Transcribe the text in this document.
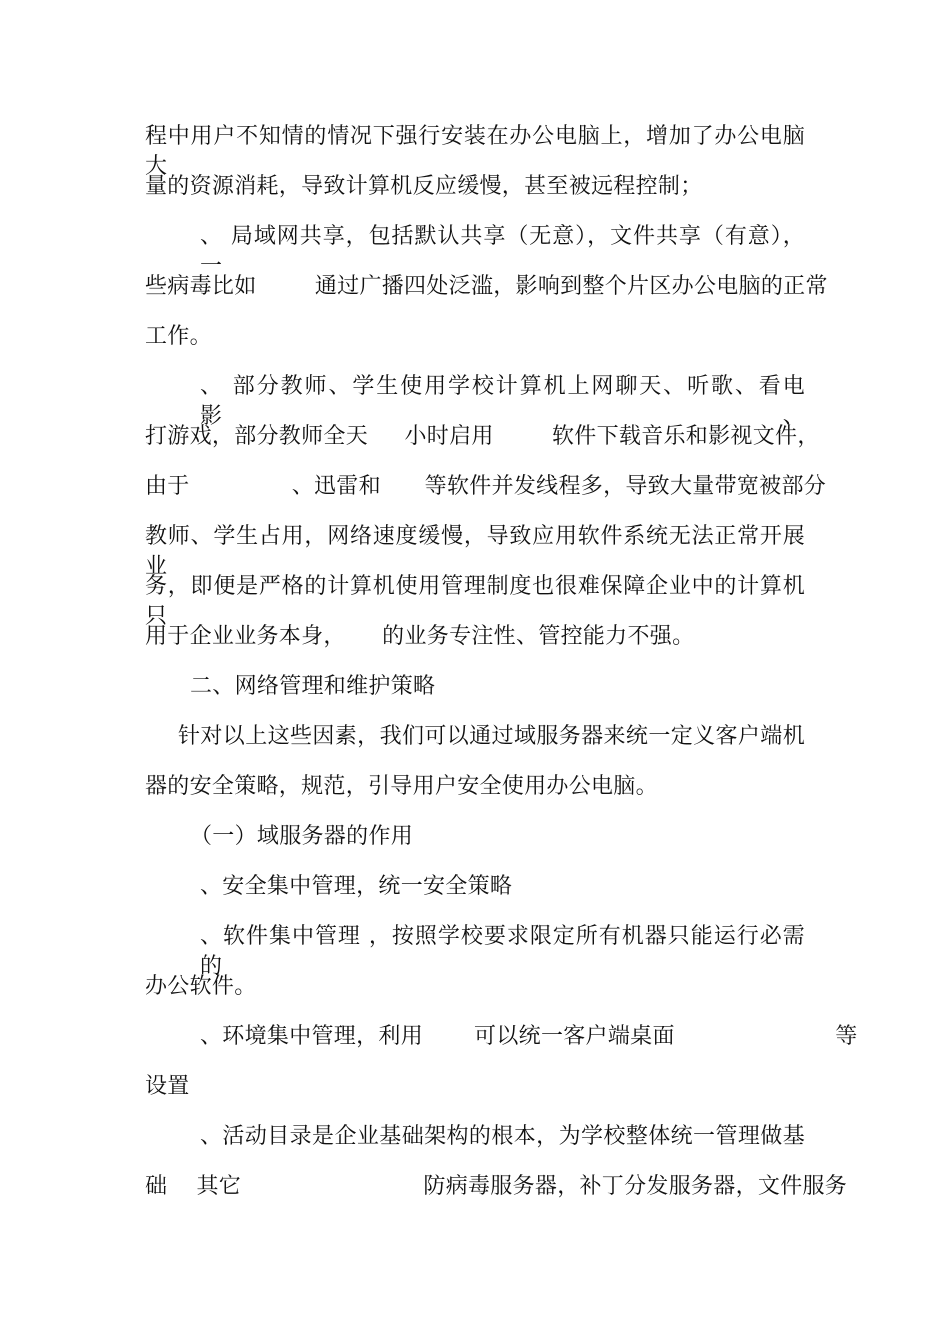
程中用户不知情的情况下强行安装在办公电脑上，增加了办公电脑大
量的资源消耗，导致计算机反应缓慢，甚至被远程控制；
、 局域网共享，包括默认共享（无意），文件共享（有意），一
些病毒比如        通过广播四处泛滥，影响到整个片区办公电脑的正常
工作。
、 部分教师、学生使用学校计算机上网聊天、听歌、看电影、
打游戏，部分教师全天     小时启用        软件下载音乐和影视文件，
由于              、迅雷和      等软件并发线程多，导致大量带宽被部分
教师、学生占用，网络速度缓慢，导致应用软件系统无法正常开展业
务，即便是严格的计算机使用管理制度也很难保障企业中的计算机只
用于企业业务本身，     的业务专注性、管控能力不强。
二、网络管理和维护策略
针对以上这些因素，我们可以通过域服务器来统一定义客户端机
器的安全策略，规范，引导用户安全使用办公电脑。
（一）域服务器的作用
、安全集中管理，统一安全策略
、软件集中管理 ，按照学校要求限定所有机器只能运行必需的
办公软件。
、环境集中管理，利用       可以统一客户端桌面                      等
设置
、活动目录是企业基础架构的根本，为学校整体统一管理做基
础    其它                         防病毒服务器，补丁分发服务器，文件服务
